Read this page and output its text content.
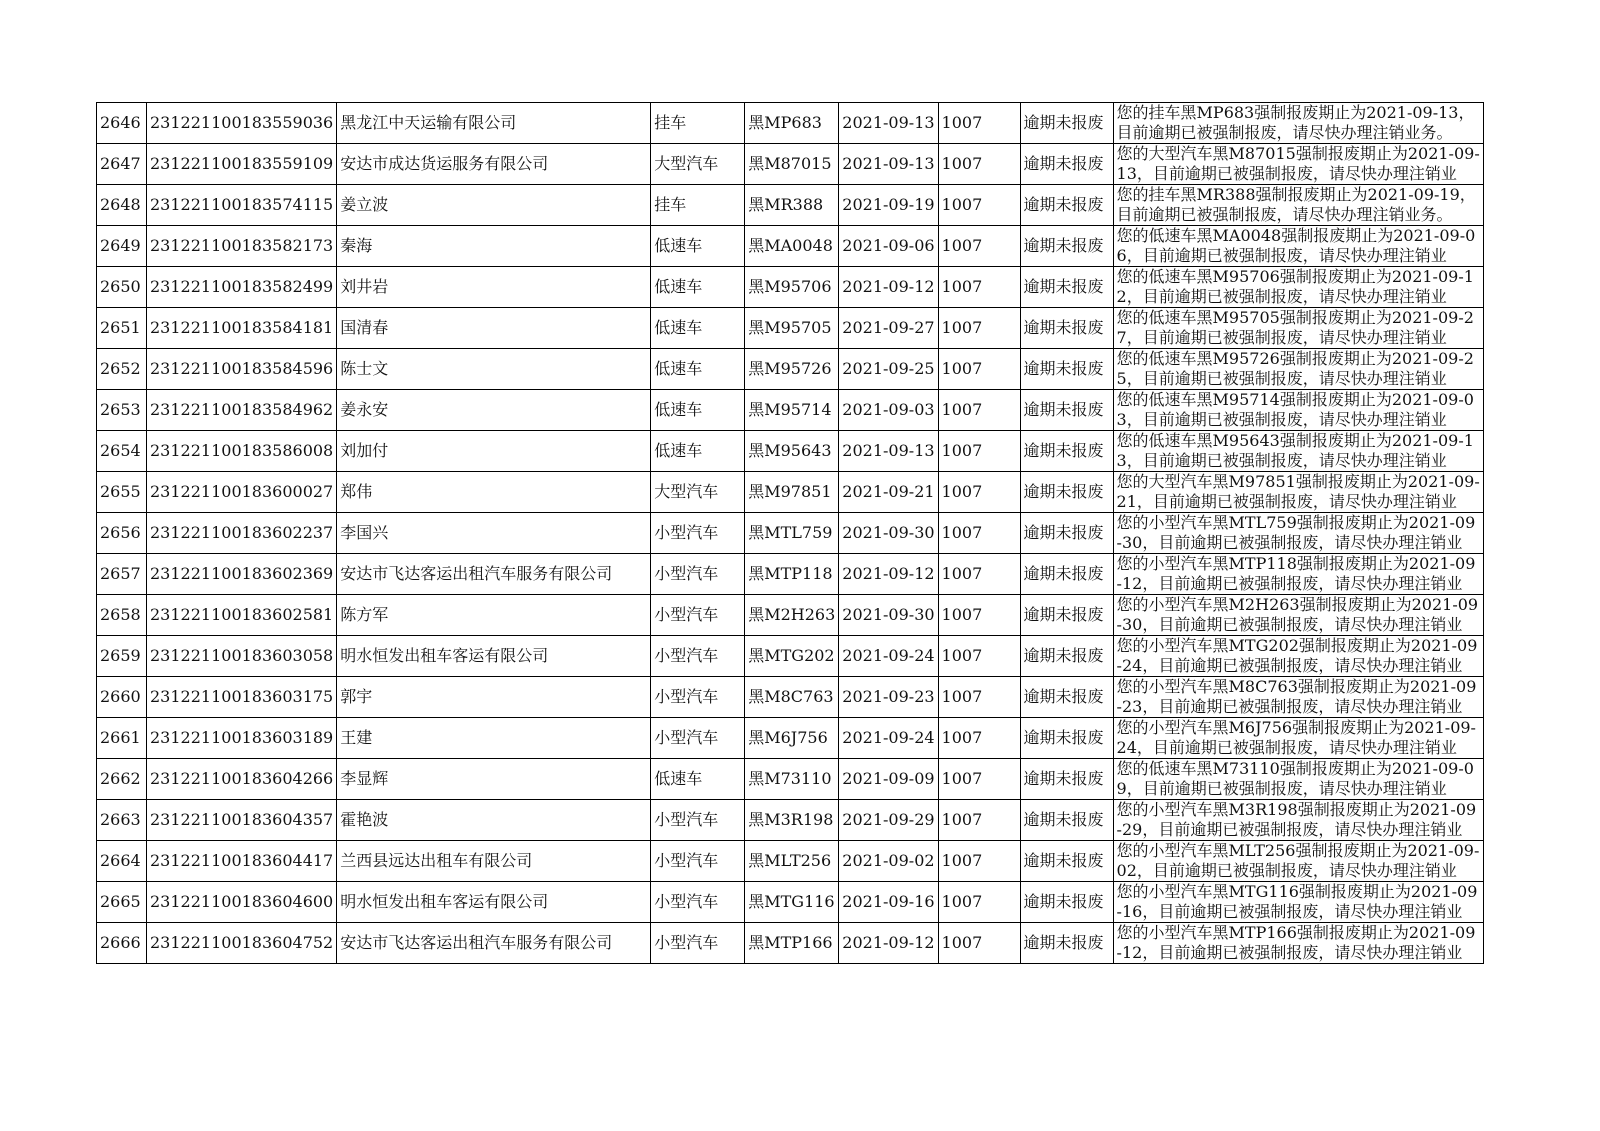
2646	231221100183559036	黑龙江中天运输有限公司	挂车	黑MP683	2021-09-13	1007	逾期未报废	您的挂车黑MP683强制报废期止为2021-09-13，目前逾期已被强制报废，请尽快办理注销业务。

2647	231221100183559109	安达市成达货运服务有限公司	大型汽车	黑M87015	2021-09-13	1007	逾期未报废	您的大型汽车黑M87015强制报废期止为2021-09-13，目前逾期已被强制报废，请尽快办理注销业

2648	231221100183574115	姜立波	挂车	黑MR388	2021-09-19	1007	逾期未报废	您的挂车黑MR388强制报废期止为2021-09-19，目前逾期已被强制报废，请尽快办理注销业务。

2649	231221100183582173	秦海	低速车	黑MA0048	2021-09-06	1007	逾期未报废	您的低速车黑MA0048强制报废期止为2021-09-06，目前逾期已被强制报废，请尽快办理注销业

2650	231221100183582499	刘井岩	低速车	黑M95706	2021-09-12	1007	逾期未报废	您的低速车黑M95706强制报废期止为2021-09-12，目前逾期已被强制报废，请尽快办理注销业

2651	231221100183584181	国清春	低速车	黑M95705	2021-09-27	1007	逾期未报废	您的低速车黑M95705强制报废期止为2021-09-27，目前逾期已被强制报废，请尽快办理注销业

2652	231221100183584596	陈士文	低速车	黑M95726	2021-09-25	1007	逾期未报废	您的低速车黑M95726强制报废期止为2021-09-25，目前逾期已被强制报废，请尽快办理注销业

2653	231221100183584962	姜永安	低速车	黑M95714	2021-09-03	1007	逾期未报废	您的低速车黑M95714强制报废期止为2021-09-03，目前逾期已被强制报废，请尽快办理注销业

2654	231221100183586008	刘加付	低速车	黑M95643	2021-09-13	1007	逾期未报废	您的低速车黑M95643强制报废期止为2021-09-13，目前逾期已被强制报废，请尽快办理注销业

2655	231221100183600027	郑伟	大型汽车	黑M97851	2021-09-21	1007	逾期未报废	您的大型汽车黑M97851强制报废期止为2021-09-21，目前逾期已被强制报废，请尽快办理注销业

2656	231221100183602237	李国兴	小型汽车	黑MTL759	2021-09-30	1007	逾期未报废	您的小型汽车黑MTL759强制报废期止为2021-09-30，目前逾期已被强制报废，请尽快办理注销业

2657	231221100183602369	安达市飞达客运出租汽车服务有限公司	小型汽车	黑MTP118	2021-09-12	1007	逾期未报废	您的小型汽车黑MTP118强制报废期止为2021-09-12，目前逾期已被强制报废，请尽快办理注销业

2658	231221100183602581	陈方军	小型汽车	黑M2H263	2021-09-30	1007	逾期未报废	您的小型汽车黑M2H263强制报废期止为2021-09-30，目前逾期已被强制报废，请尽快办理注销业

2659	231221100183603058	明水恒发出租车客运有限公司	小型汽车	黑MTG202	2021-09-24	1007	逾期未报废	您的小型汽车黑MTG202强制报废期止为2021-09-24，目前逾期已被强制报废，请尽快办理注销业

2660	231221100183603175	郭宇	小型汽车	黑M8C763	2021-09-23	1007	逾期未报废	您的小型汽车黑M8C763强制报废期止为2021-09-23，目前逾期已被强制报废，请尽快办理注销业

2661	231221100183603189	王建	小型汽车	黑M6J756	2021-09-24	1007	逾期未报废	您的小型汽车黑M6J756强制报废期止为2021-09-24，目前逾期已被强制报废，请尽快办理注销业

2662	231221100183604266	李显辉	低速车	黑M73110	2021-09-09	1007	逾期未报废	您的低速车黑M73110强制报废期止为2021-09-09，目前逾期已被强制报废，请尽快办理注销业

2663	231221100183604357	霍艳波	小型汽车	黑M3R198	2021-09-29	1007	逾期未报废	您的小型汽车黑M3R198强制报废期止为2021-09-29，目前逾期已被强制报废，请尽快办理注销业

2664	231221100183604417	兰西县远达出租车有限公司	小型汽车	黑MLT256	2021-09-02	1007	逾期未报废	您的小型汽车黑MLT256强制报废期止为2021-09-02，目前逾期已被强制报废，请尽快办理注销业

2665	231221100183604600	明水恒发出租车客运有限公司	小型汽车	黑MTG116	2021-09-16	1007	逾期未报废	您的小型汽车黑MTG116强制报废期止为2021-09-16，目前逾期已被强制报废，请尽快办理注销业

2666	231221100183604752	安达市飞达客运出租汽车服务有限公司	小型汽车	黑MTP166	2021-09-12	1007	逾期未报废	您的小型汽车黑MTP166强制报废期止为2021-09-12，目前逾期已被强制报废，请尽快办理注销业
